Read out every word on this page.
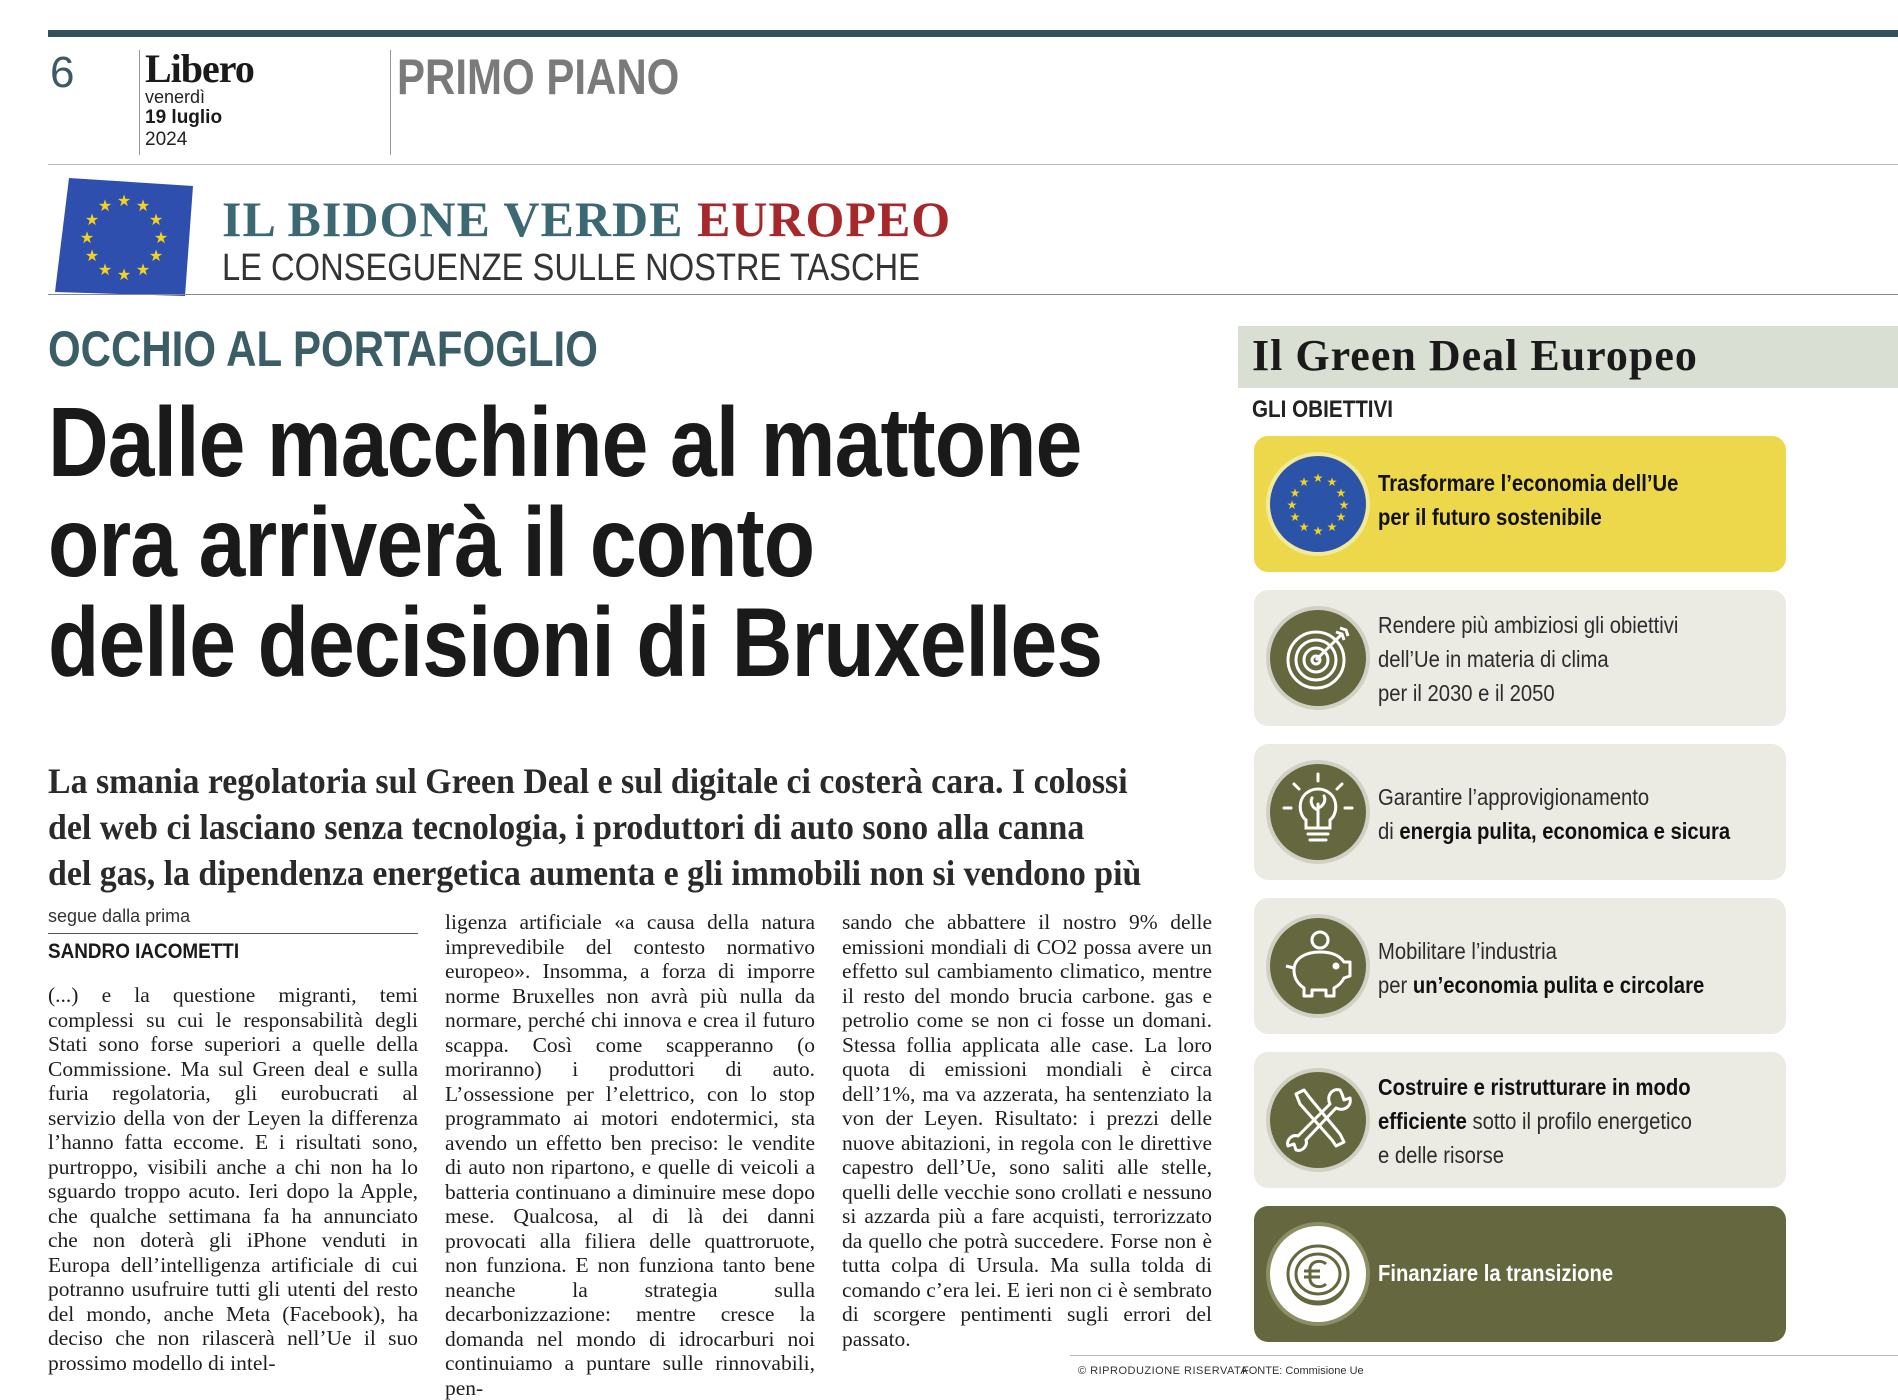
6 Libero
venerdì
19 luglio
2024
PRIMO PIANO
★ ★
★
★
★
★
★
★
★
★
★
★ IL BIDONE VERDE EUROPEO
LE CONSEGUENZE SULLE NOSTRE TASCHE
OCCHIO AL PORTAFOGLIO
Dalle macchine al mattone
ora arriverà il conto
delle decisioni di Bruxelles
La smania regolatoria sul Green Deal e sul digitale ci costerà cara. I colossi
del web ci lasciano senza tecnologia, i produttori di auto sono alla canna
del gas, la dipendenza energetica aumenta e gli immobili non si vendono più
segue dalla prima
SANDRO IACOMETTI
(...) e la questione migranti, temi complessi su cui le responsabilità degli Stati sono forse superiori a quelle della Commissione. Ma sul Green deal e sulla furia regolatoria, gli eurobucrati al servizio della von der Leyen la differenza l’hanno fatta eccome. E i risultati sono, purtroppo, visibili anche a chi non ha lo sguardo troppo acuto. Ieri dopo la Apple, che qualche settimana fa ha annunciato che non doterà gli iPhone venduti in Europa dell’intelligenza artificiale di cui potranno usufruire tutti gli utenti del resto del mondo, anche Meta (Facebook), ha deciso che non rilascerà nell’Ue il suo prossimo modello di intel-
ligenza artificiale «a causa della natura imprevedibile del contesto normativo europeo». Insomma, a forza di imporre norme Bruxelles non avrà più nulla da normare, perché chi innova e crea il futuro scappa. Così come scapperanno (o moriranno) i produttori di auto. L’ossessione per l’elettrico, con lo stop programmato ai motori endotermici, sta avendo un effetto ben preciso: le vendite di auto non ripartono, e quelle di veicoli a batteria continuano a diminuire mese dopo mese. Qualcosa, al di là dei danni provocati alla filiera delle quattroruote, non funziona. E non funziona tanto bene neanche la strategia sulla decarbonizzazione: mentre cresce la domanda nel mondo di idrocarburi noi continuiamo a puntare sulle rinnovabili, pen-
sando che abbattere il nostro 9% delle emissioni mondiali di CO2 possa avere un effetto sul cambiamento climatico, mentre il resto del mondo brucia carbone. gas e petrolio come se non ci fosse un domani. Stessa follia applicata alle case. La loro quota di emissioni mondiali è circa dell’1%, ma va azzerata, ha sentenziato la von der Leyen. Risultato: i prezzi delle nuove abitazioni, in regola con le direttive capestro dell’Ue, sono saliti alle stelle, quelli delle vecchie sono crollati e nessuno si azzarda più a fare acquisti, terrorizzato da quello che potrà succedere. Forse non è tutta colpa di Ursula. Ma sulla tolda di comando c’era lei. E ieri non ci è sembrato di scorgere pentimenti sugli errori del passato.
© RIPRODUZIONE RISERVATA
FONTE: Commisione Ue
Il Green Deal Europeo
GLI OBIETTIVI
★ ★
★
★
★
★
★
★
★
★
★
★	Trasformare l’economia dell’Ue
per il futuro sostenibile
Rendere più ambiziosi gli obiettivi
dell’Ue in materia di clima
per il 2030 e il 2050
Garantire l’approvigionamento
di energia pulita, economica e sicura
Mobilitare l’industria
per un’economia pulita e circolare
Costruire e ristrutturare in modo
efficiente sotto il profilo energetico
e delle risorse
Finanziare la transizione
